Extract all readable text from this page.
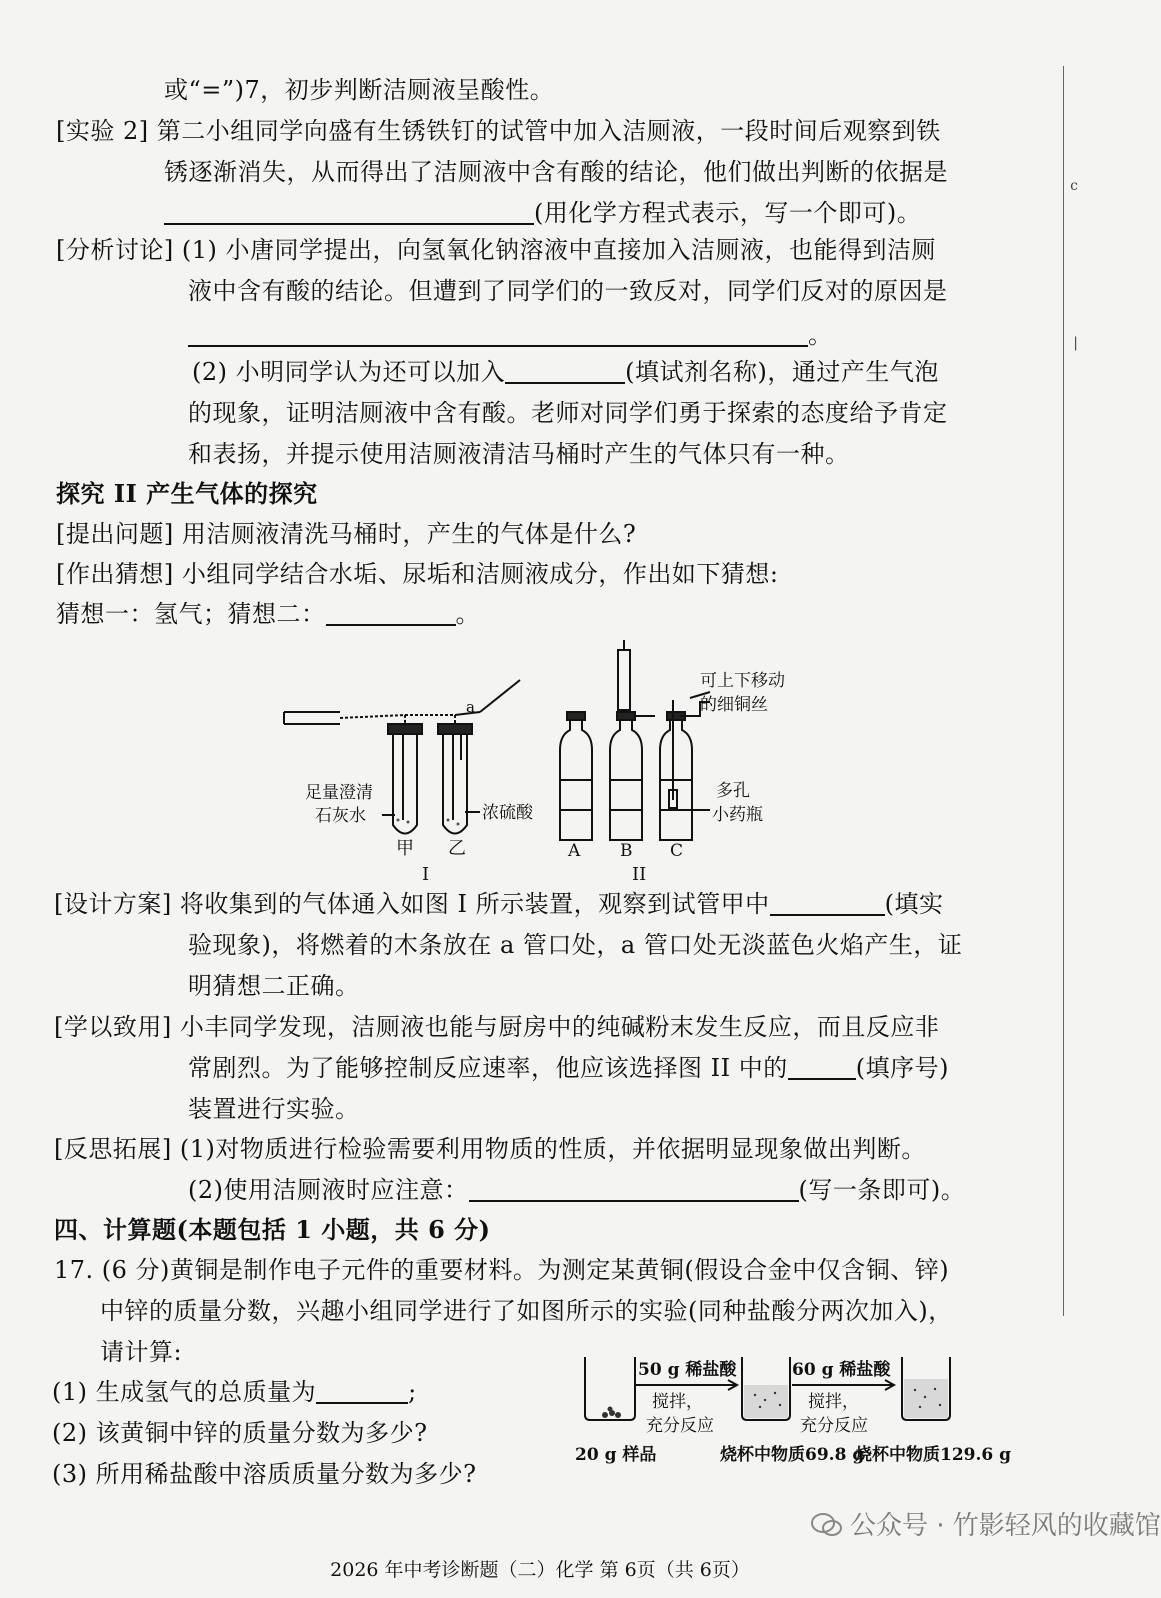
c
|
或“=”)7，初步判断洁厕液呈酸性。
[实验 2] 第二小组同学向盛有生锈铁钉的试管中加入洁厕液，一段时间后观察到铁
锈逐渐消失，从而得出了洁厕液中含有酸的结论，他们做出判断的依据是
(用化学方程式表示，写一个即可)。
[分析讨论] (1) 小唐同学提出，向氢氧化钠溶液中直接加入洁厕液，也能得到洁厕
液中含有酸的结论。但遭到了同学们的一致反对，同学们反对的原因是
。
(2) 小明同学认为还可以加入	(填试剂名称)，通过产生气泡
的现象，证明洁厕液中含有酸。老师对同学们勇于探索的态度给予肯定
和表扬，并提示使用洁厕液清洁马桶时产生的气体只有一种。
探究 II 产生气体的探究
[提出问题] 用洁厕液清洗马桶时，产生的气体是什么?
[作出猜想] 小组同学结合水垢、尿垢和洁厕液成分，作出如下猜想:
猜想一：氢气；猜想二：	。
a
足量澄清
石灰水	浓硫酸
甲 乙
I
可上下移动
的细铜丝
多孔
小药瓶
A B C
II
[设计方案] 将收集到的气体通入如图 I 所示装置，观察到试管甲中	(填实
验现象)，将燃着的木条放在 a 管口处，a 管口处无淡蓝色火焰产生，证
明猜想二正确。
[学以致用] 小丰同学发现，洁厕液也能与厨房中的纯碱粉末发生反应，而且反应非
常剧烈。为了能够控制反应速率，他应该选择图 II 中的	(填序号)
装置进行实验。
[反思拓展] (1)对物质进行检验需要利用物质的性质，并依据明显现象做出判断。
(2)使用洁厕液时应注意：	(写一条即可)。
四、计算题(本题包括 1 小题，共 6 分)
17. (6 分)黄铜是制作电子元件的重要材料。为测定某黄铜(假设合金中仅含铜、锌)
中锌的质量分数，兴趣小组同学进行了如图所示的实验(同种盐酸分两次加入)，
请计算:
(1) 生成氢气的总质量为	;
(2) 该黄铜中锌的质量分数为多少?
(3) 所用稀盐酸中溶质质量分数为多少?
50 g 稀盐酸
搅拌，
充分反应
60 g 稀盐酸
搅拌，
充分反应
20 g 样品	烧杯中物质69.8 g
烧杯中物质129.6 g
公众号 · 竹影轻风的收藏馆
2026 年中考诊断题（二）化学 第 6页（共 6页）
